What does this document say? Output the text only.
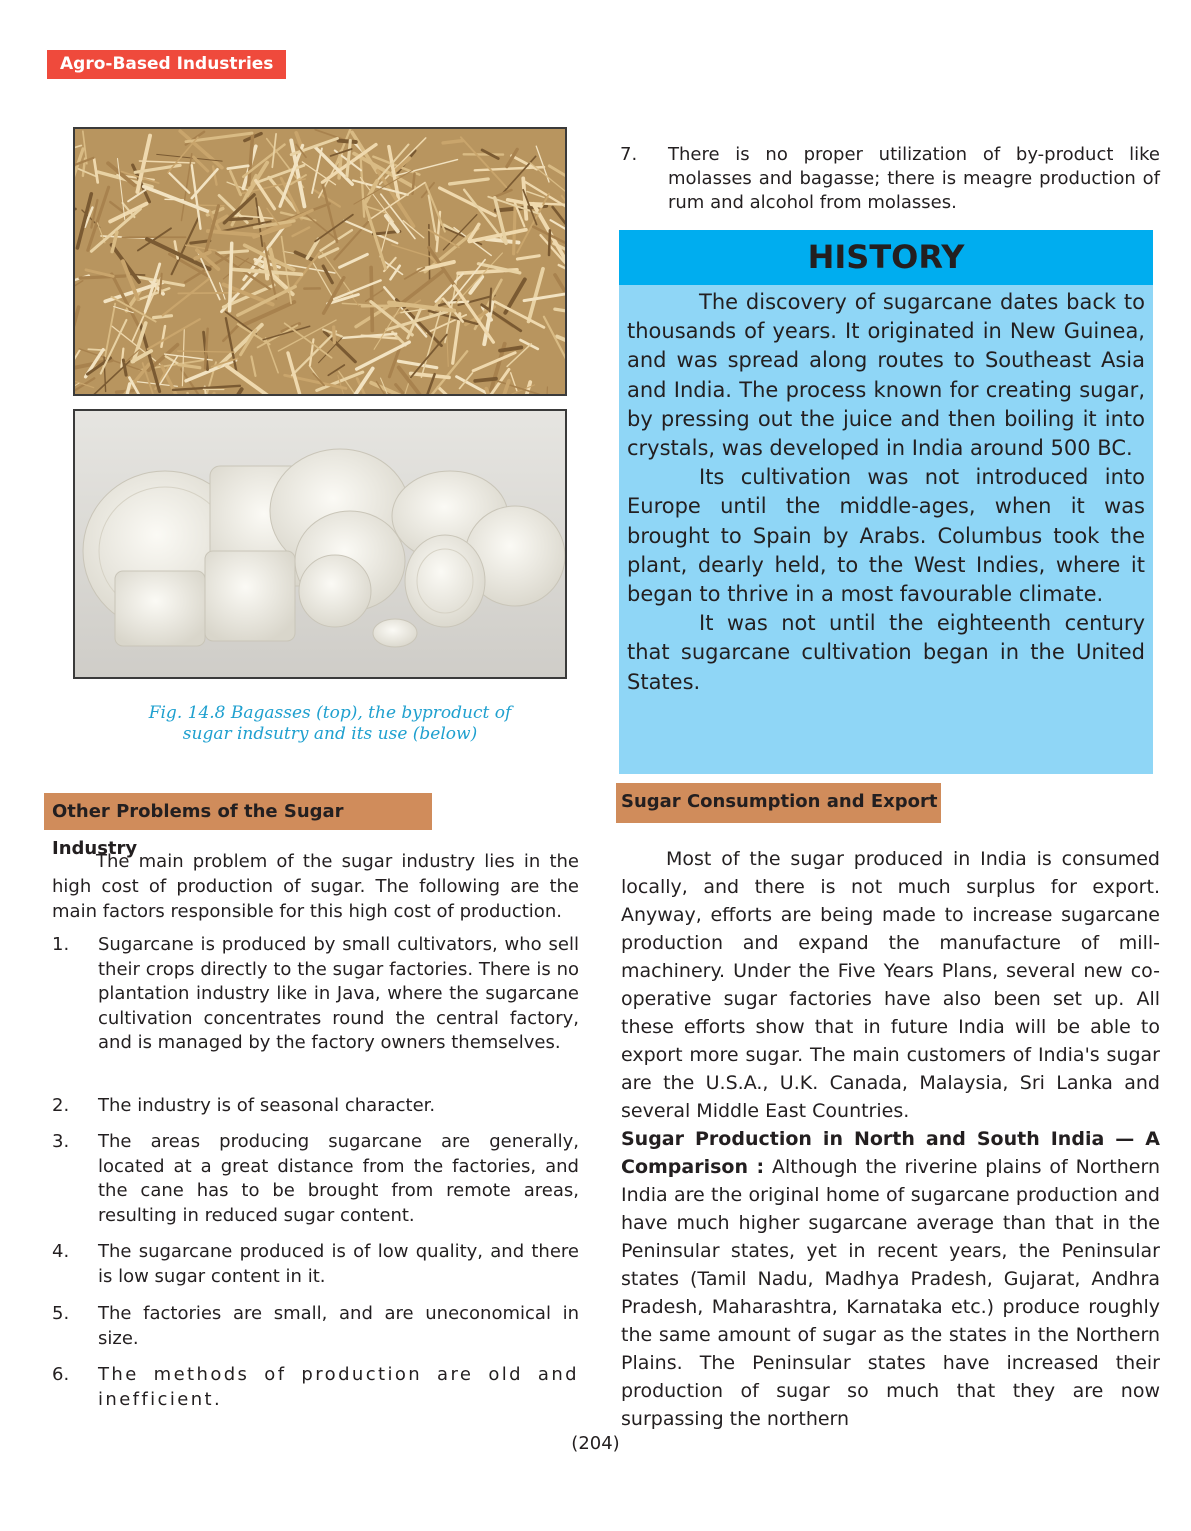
Agro-Based Industries
Fig. 14.8 Bagasses (top), the byproduct of
sugar indsutry and its use (below)
Other Problems of the Sugar Industry
The main problem of the sugar industry lies in the high cost of production of sugar. The following are the main factors responsible for this high cost of production.
1. Sugarcane is produced by small cultivators, who sell their crops directly to the sugar factories. There is no plantation industry like in Java, where the sugarcane cultivation concentrates round the central factory, and is managed by the factory owners themselves.
2. The industry is of seasonal character.
3. The areas producing sugarcane are generally, located at a great distance from the factories, and the cane has to be brought from remote areas, resulting in reduced sugar content.
4. The sugarcane produced is of low quality, and there is low sugar content in it.
5. The factories are small, and are uneconomical in size.
6. The methods of production are old and inefficient.
7. There is no proper utilization of by-product like molasses and bagasse; there is meagre production of rum and alcohol from molasses.
HISTORY

The discovery of sugarcane dates back to thousands of years. It originated in New Guinea, and was spread along routes to Southeast Asia and India. The process known for creating sugar, by pressing out the juice and then boiling it into crystals, was developed in India around 500 BC.

Its cultivation was not introduced into Europe until the middle-ages, when it was brought to Spain by Arabs. Columbus took the plant, dearly held, to the West Indies, where it began to thrive in a most favourable climate.

It was not until the eighteenth century that sugarcane cultivation began in the United States.

Sugar Consumption and Export
Most of the sugar produced in India is consumed locally, and there is not much surplus for export. Anyway, efforts are being made to increase sugarcane production and expand the manufacture of mill-machinery. Under the Five Years Plans, several new co-operative sugar factories have also been set up. All these efforts show that in future India will be able to export more sugar. The main customers of India's sugar are the U.S.A., U.K. Canada, Malaysia, Sri Lanka and several Middle East Countries.
Sugar Production in North and South India — A Comparison : Although the riverine plains of Northern India are the original home of sugarcane production and have much higher sugarcane average than that in the Peninsular states, yet in recent years, the Peninsular states (Tamil Nadu, Madhya Pradesh, Gujarat, Andhra Pradesh, Maharashtra, Karnataka etc.) produce roughly the same amount of sugar as the states in the Northern Plains. The Peninsular states have increased their production of sugar so much that they are now surpassing the northern
(204)
